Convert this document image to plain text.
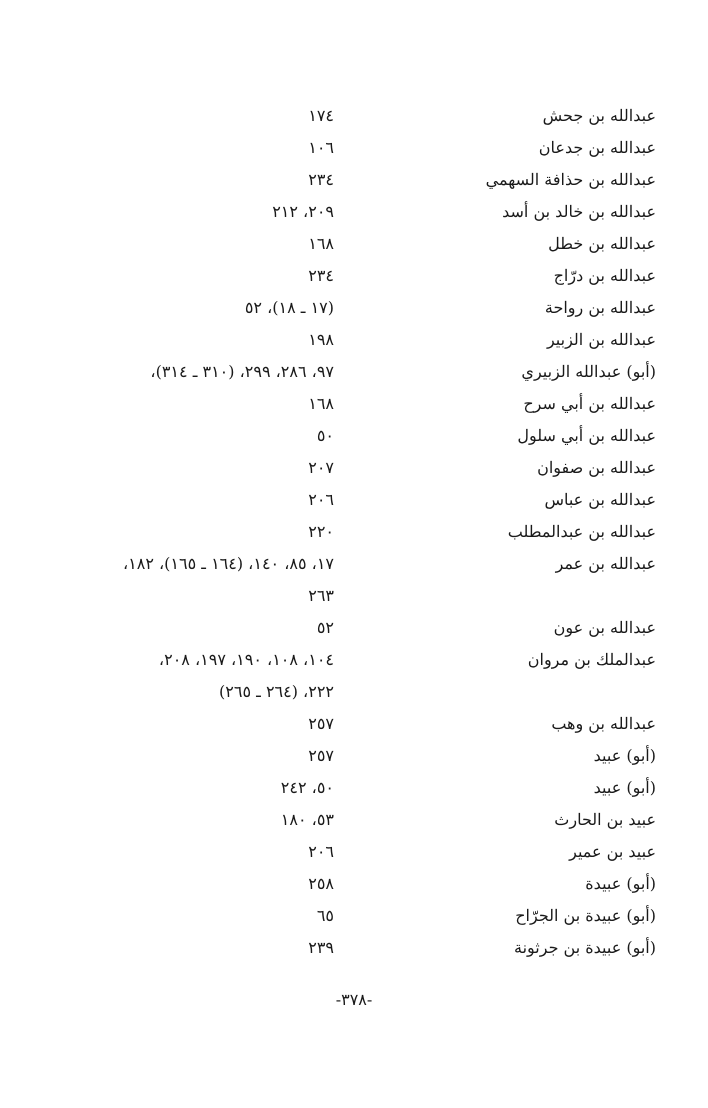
عبدالله بن جحش
١٧٤
عبدالله بن جدعان
١٠٦
عبدالله بن حذافة السهمي
٢٣٤
عبدالله بن خالد بن أسد
٢٠٩، ٢١٢
عبدالله بن خطل
١٦٨
عبدالله بن درّاج
٢٣٤
عبدالله بن رواحة
(١٧ ـ ١٨)، ٥٢
عبدالله بن الزبير
١٩٨
(أبو) عبدالله الزبيري
٩٧، ٢٨٦، ٢٩٩، (٣١٠ ـ ٣١٤)،
عبدالله بن أبي سرح
١٦٨
عبدالله بن أبي سلول
٥٠
عبدالله بن صفوان
٢٠٧
عبدالله بن عباس
٢٠٦
عبدالله بن عبدالمطلب
٢٢٠
عبدالله بن عمر
١٧، ٨٥، ١٤٠، (١٦٤ ـ ١٦٥)، ١٨٢،
٢٦٣
عبدالله بن عون
٥٢
عبدالملك بن مروان
١٠٤، ١٠٨، ١٩٠، ١٩٧، ٢٠٨،
٢٢٢، (٢٦٤ ـ ٢٦٥)
عبدالله بن وهب
٢٥٧
(أبو) عبيد
٢٥٧
(أبو) عبيد
٥٠، ٢٤٢
عبيد بن الحارث
٥٣، ١٨٠
عبيد بن عمير
٢٠٦
(أبو) عبيدة
٢٥٨
(أبو) عبيدة بن الجرّاح
٦٥
(أبو) عبيدة بن جرثونة
٢٣٩
-٣٧٨-
